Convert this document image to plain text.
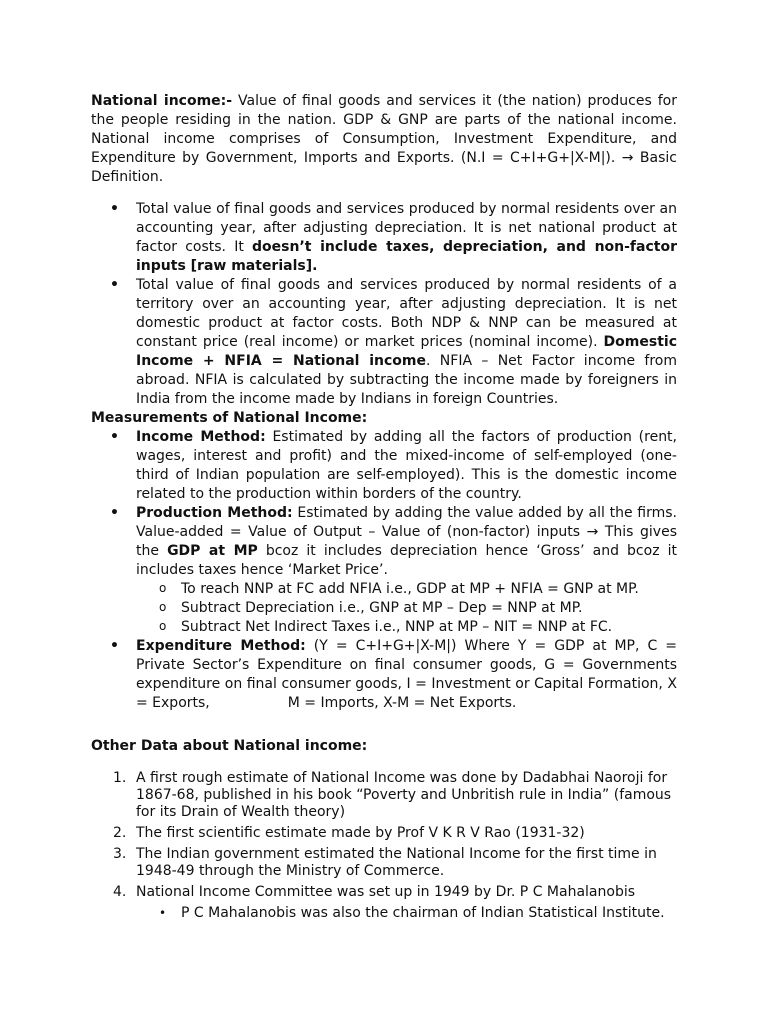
National income:- Value of final goods and services it (the nation) produces for the people residing in the nation. GDP & GNP are parts of the national income. National income comprises of Consumption, Investment Expenditure, and Expenditure by Government, Imports and Exports. (N.I = C+I+G+|X-M|). → Basic Definition.

• Total value of final goods and services produced by normal residents over an accounting year, after adjusting depreciation. It is net national product at factor costs. It doesn’t include taxes, depreciation, and non-factor inputs [raw materials].
• Total value of final goods and services produced by normal residents of a territory over an accounting year, after adjusting depreciation. It is net domestic product at factor costs. Both NDP & NNP can be measured at constant price (real income) or market prices (nominal income). Domestic Income + NFIA = National income. NFIA – Net Factor income from abroad. NFIA is calculated by subtracting the income made by foreigners in India from the income made by Indians in foreign Countries.

Measurements of National Income:

• Income Method: Estimated by adding all the factors of production (rent, wages, interest and profit) and the mixed-income of self-employed (one-third of Indian population are self-employed). This is the domestic income related to the production within borders of the country.
• Production Method: Estimated by adding the value added by all the firms. Value-added = Value of Output – Value of (non-factor) inputs → This gives the GDP at MP bcoz it includes depreciation hence ‘Gross’ and bcoz it includes taxes hence ‘Market Price’.
o To reach NNP at FC add NFIA i.e., GDP at MP + NFIA = GNP at MP.
o Subtract Depreciation i.e., GNP at MP – Dep = NNP at MP.
o Subtract Net Indirect Taxes i.e., NNP at MP – NIT = NNP at FC.
• Expenditure Method: (Y = C+I+G+|X-M|) Where Y = GDP at MP, C = Private Sector’s Expenditure on final consumer goods, G = Governments expenditure on final consumer goods, I = Investment or Capital Formation, X = Exports,	M = Imports, X-M = Net Exports.

Other Data about National income:

1. A first rough estimate of National Income was done by Dadabhai Naoroji for 1867-68, published in his book “Poverty and Unbritish rule in India” (famous for its Drain of Wealth theory)
2. The first scientific estimate made by Prof V K R V Rao (1931-32)
3. The Indian government estimated the National Income for the first time in 1948-49 through the Ministry of Commerce.
4. National Income Committee was set up in 1949 by Dr. P C Mahalanobis
• P C Mahalanobis was also the chairman of Indian Statistical Institute.
